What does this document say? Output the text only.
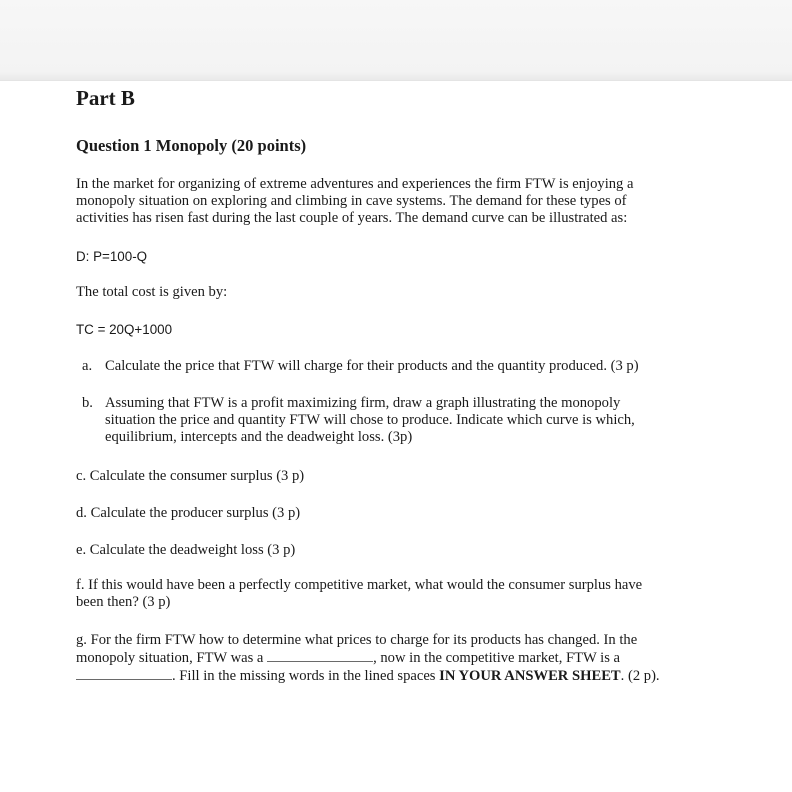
Part B
Question 1 Monopoly (20 points)
In the market for organizing of extreme adventures and experiences the firm FTW is enjoying a
monopoly situation on exploring and climbing in cave systems. The demand for these types of
activities has risen fast during the last couple of years. The demand curve can be illustrated as:
D: P=100-Q
The total cost is given by:
TC = 20Q+1000
a. Calculate the price that FTW will charge for their products and the quantity produced. (3 p)
b. Assuming that FTW is a profit maximizing firm, draw a graph illustrating the monopoly
situation the price and quantity FTW will chose to produce. Indicate which curve is which,
equilibrium, intercepts and the deadweight loss. (3p)
c. Calculate the consumer surplus (3 p)
d. Calculate the producer surplus (3 p)
e. Calculate the deadweight loss (3 p)
f. If this would have been a perfectly competitive market, what would the consumer surplus have
been then? (3 p)
g. For the firm FTW how to determine what prices to charge for its products has changed. In the
monopoly situation, FTW was a	, now in the competitive market, FTW is a
. Fill in the missing words in the lined spaces IN YOUR ANSWER SHEET. (2 p).
